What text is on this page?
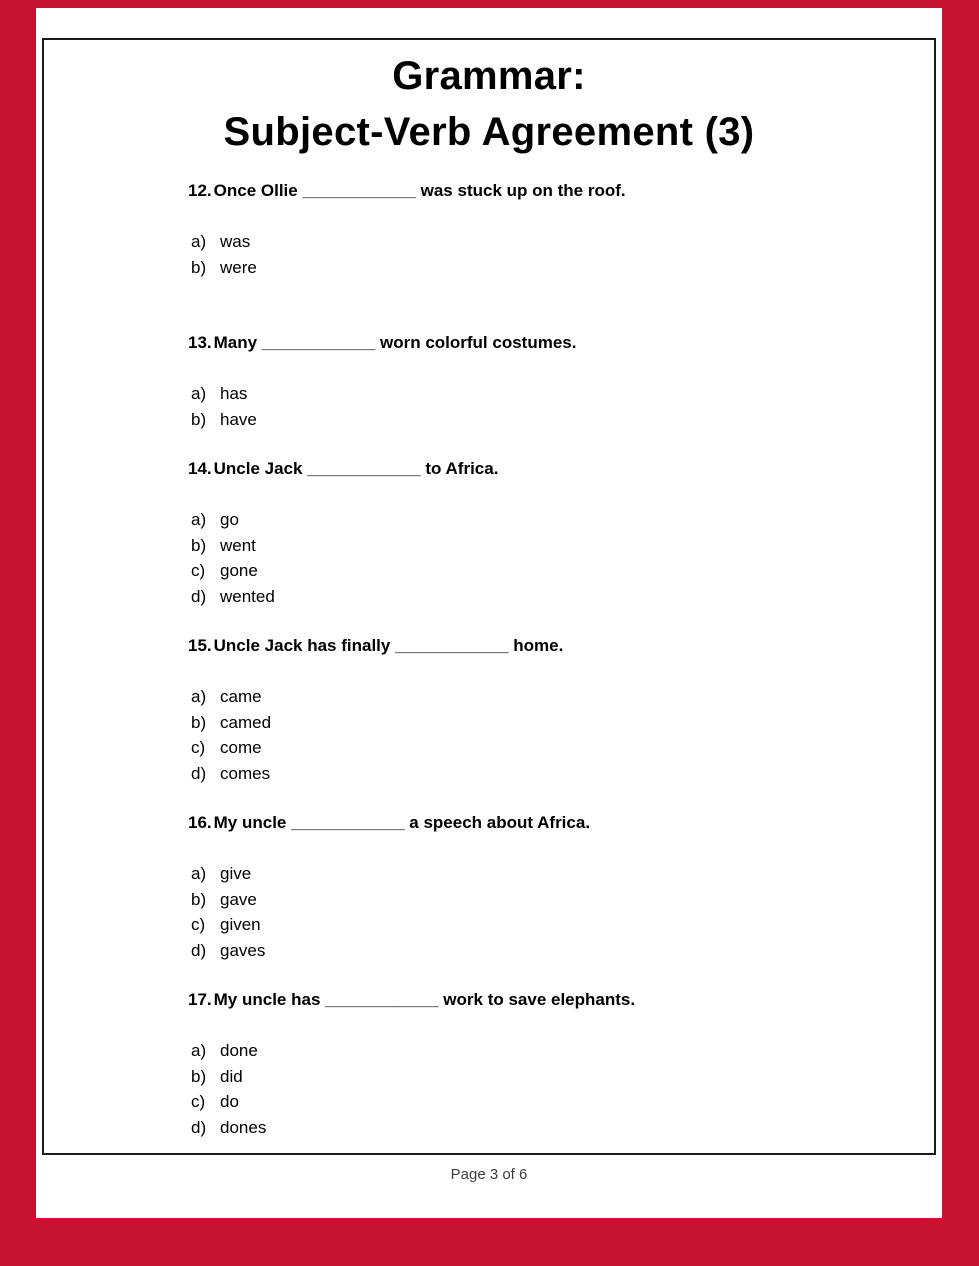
Grammar:
Subject-Verb Agreement (3)
12. Once Ollie ____________ was stuck up on the roof.
a) was
b) were
13. Many ____________ worn colorful costumes.
a) has
b) have
14. Uncle Jack ____________ to Africa.
a) go
b) went
c) gone
d) wented
15. Uncle Jack has finally ____________ home.
a) came
b) camed
c) come
d) comes
16. My uncle ____________ a speech about Africa.
a) give
b) gave
c) given
d) gaves
17. My uncle has ____________ work to save elephants.
a) done
b) did
c) do
d) dones
Page 3 of 6
